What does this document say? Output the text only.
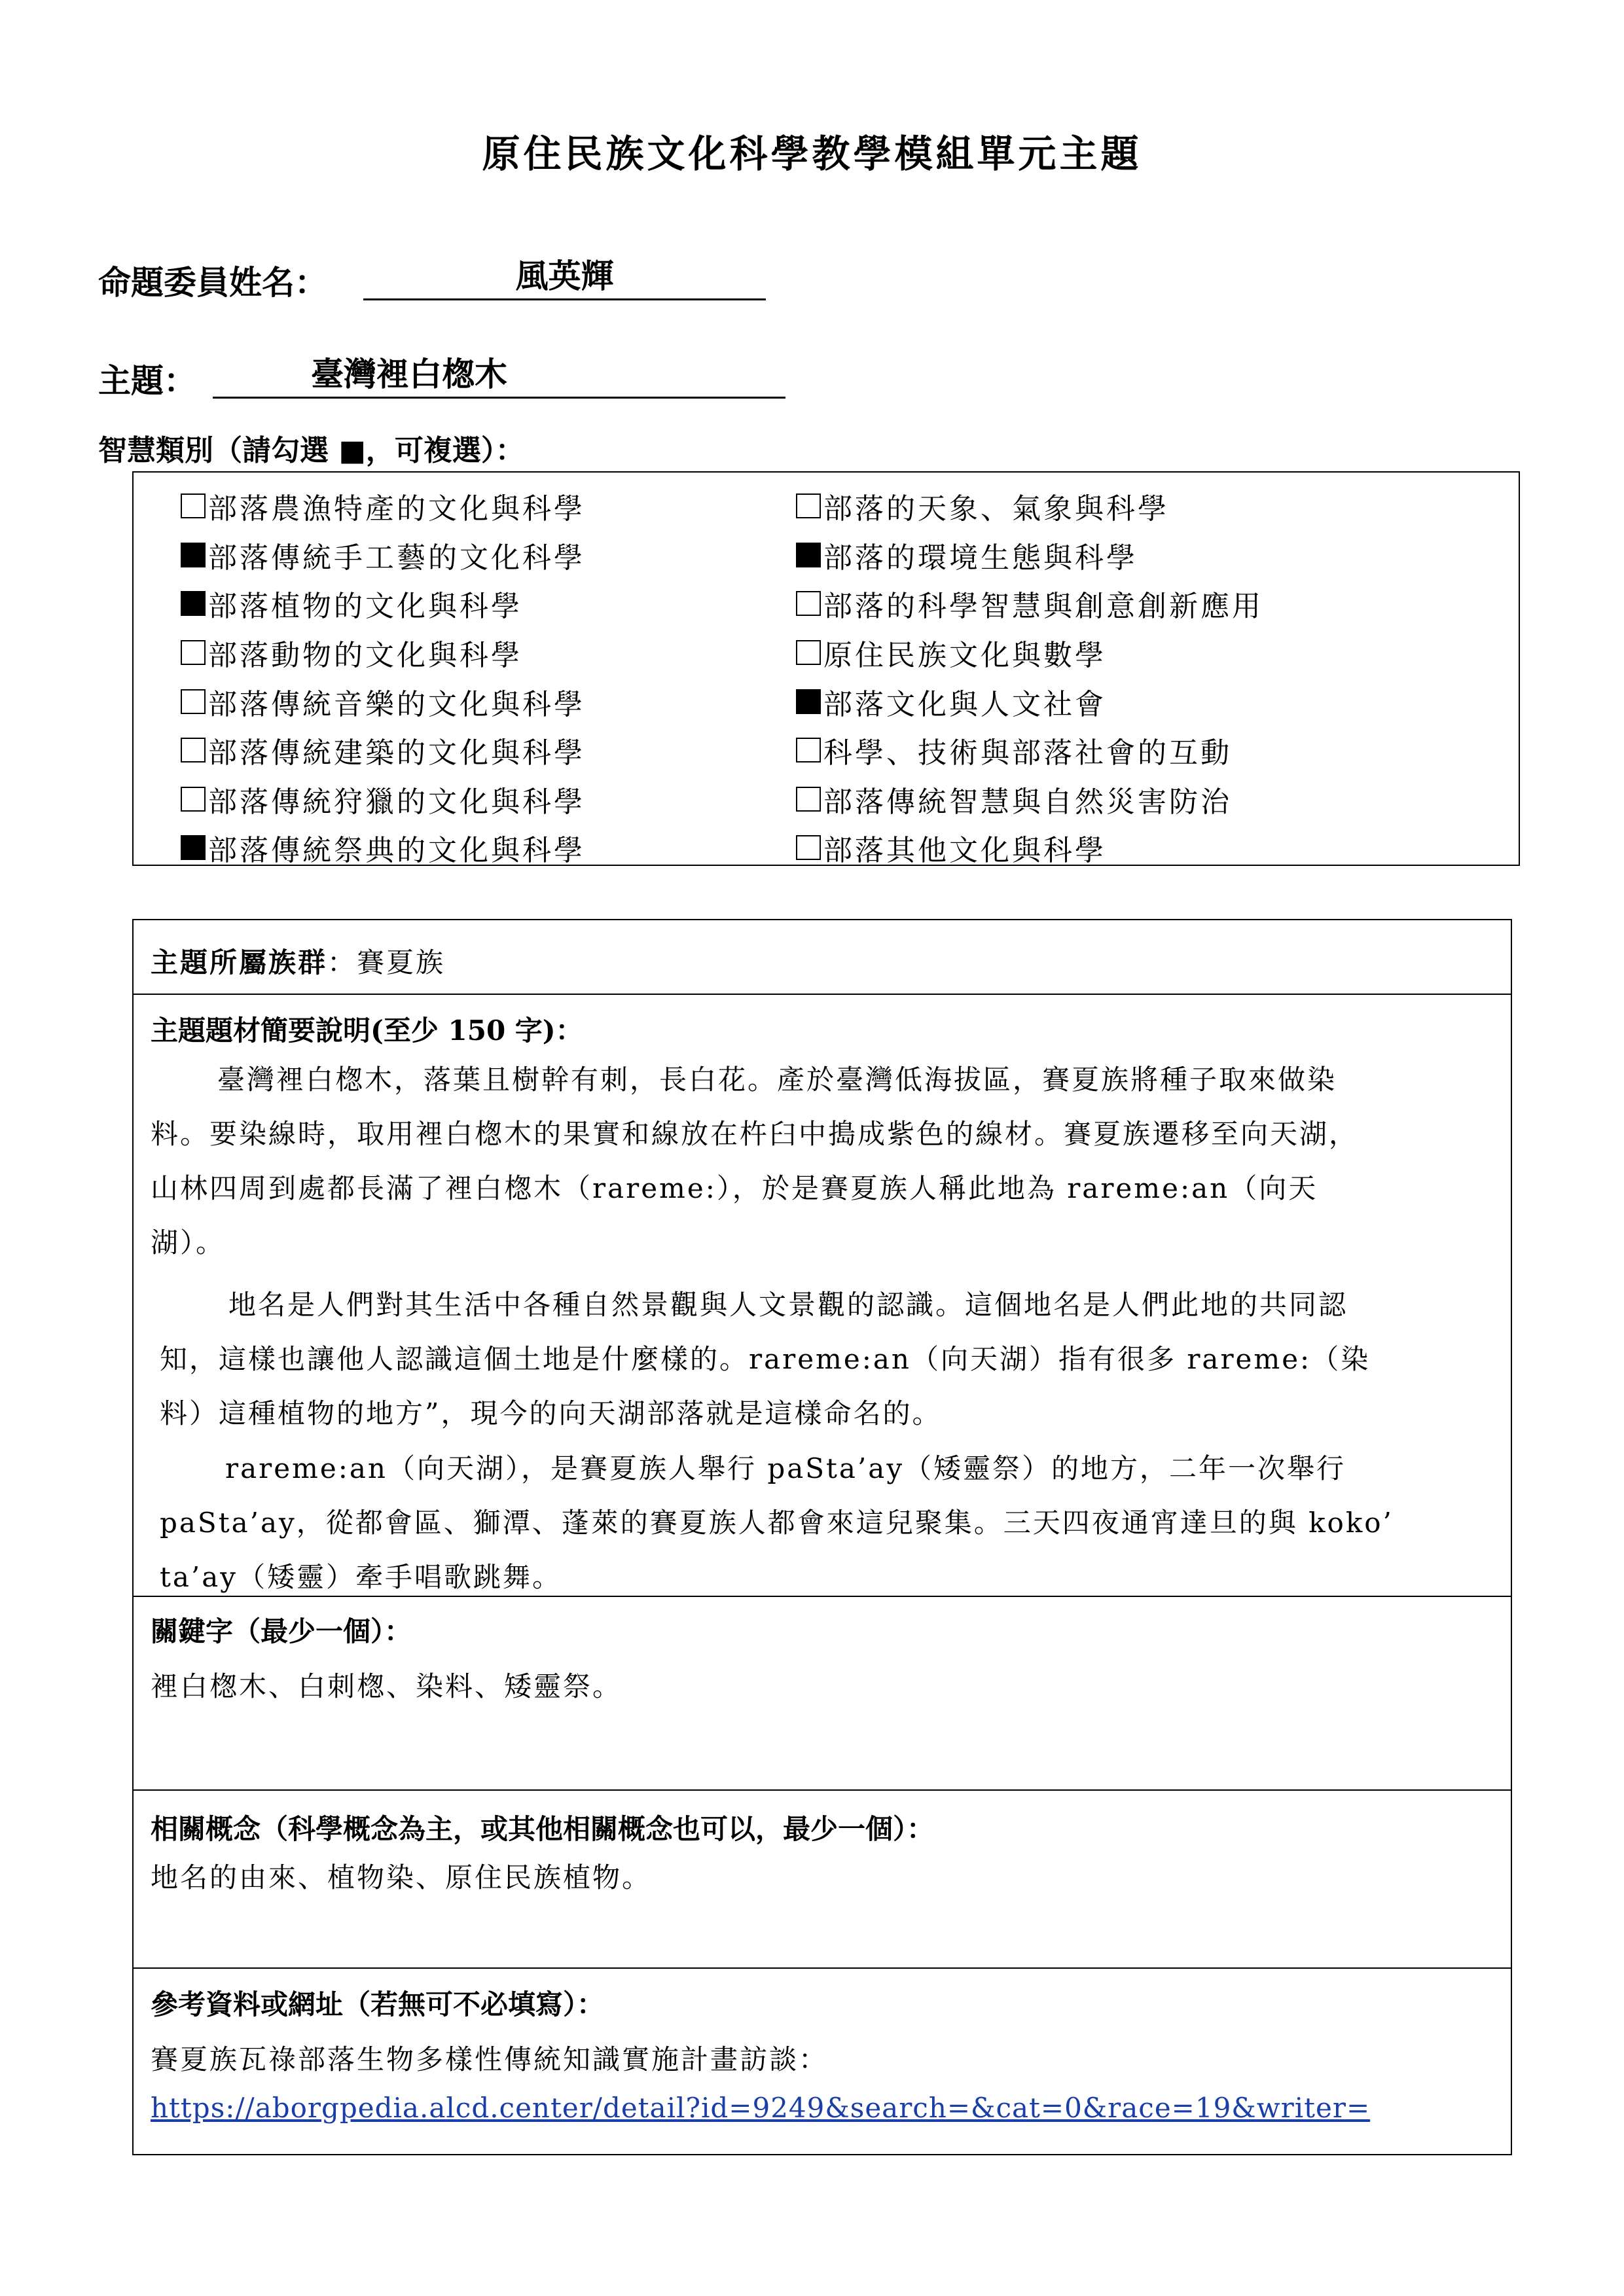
原住民族文化科學教學模組單元主題
命題委員姓名：	風英輝
主題：	臺灣裡白楤木
智慧類別（請勾選 ■，可複選）：
部落農漁特產的文化與科學
部落傳統手工藝的文化科學
部落植物的文化與科學
部落動物的文化與科學
部落傳統音樂的文化與科學
部落傳統建築的文化與科學
部落傳統狩獵的文化與科學
部落傳統祭典的文化與科學
部落的天象、氣象與科學
部落的環境生態與科學
部落的科學智慧與創意創新應用
原住民族文化與數學
部落文化與人文社會
科學、技術與部落社會的互動
部落傳統智慧與自然災害防治
部落其他文化與科學
主題所屬族群：賽夏族
主題題材簡要說明(至少 150 字)：
臺灣裡白楤木，落葉且樹幹有刺，長白花。產於臺灣低海拔區，賽夏族將種子取來做染
料。要染線時，取用裡白楤木的果實和線放在杵臼中搗成紫色的線材。賽夏族遷移至向天湖，
山林四周到處都長滿了裡白楤木（rareme:），於是賽夏族人稱此地為 rareme:an（向天
湖）。
地名是人們對其生活中各種自然景觀與人文景觀的認識。這個地名是人們此地的共同認
知，這樣也讓他人認識這個土地是什麼樣的。rareme:an（向天湖）指有很多 rareme:（染
料）這種植物的地方”，現今的向天湖部落就是這樣命名的。
rareme:an（向天湖），是賽夏族人舉行 paSta’ay（矮靈祭）的地方，二年一次舉行
paSta’ay，從都會區、獅潭、蓬萊的賽夏族人都會來這兒聚集。三天四夜通宵達旦的與 koko’
ta’ay（矮靈）牽手唱歌跳舞。
關鍵字（最少一個）：
裡白楤木、白刺楤、染料、矮靈祭。
相關概念（科學概念為主，或其他相關概念也可以，最少一個）：
地名的由來、植物染、原住民族植物。
參考資料或網址（若無可不必填寫）：
賽夏族瓦祿部落生物多樣性傳統知識實施計畫訪談：
https://aborgpedia.alcd.center/detail?id=9249&search=&cat=0&race=19&writer=
